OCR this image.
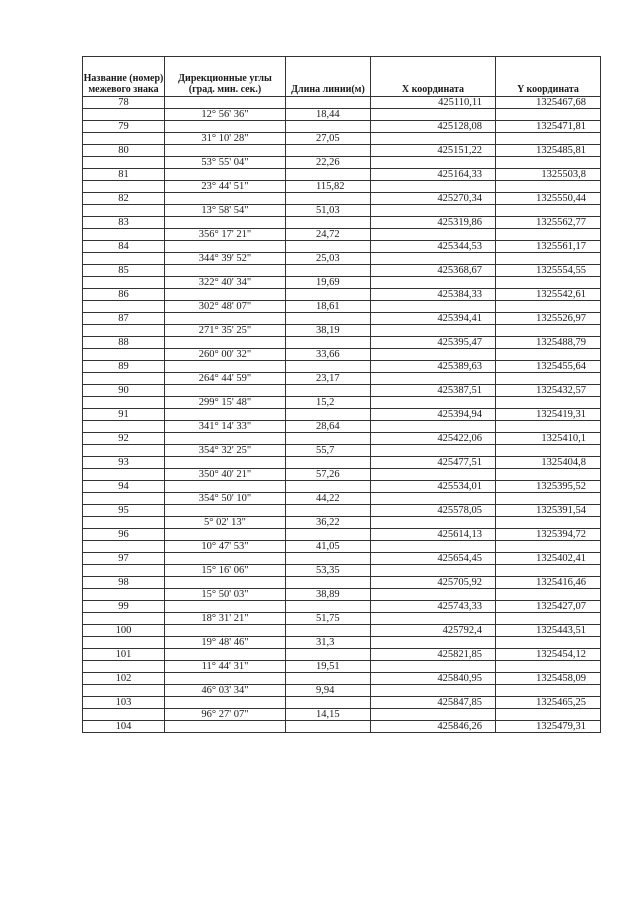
Название (номер) межевого знака	Дирекционные углы (град. мин. сек.)	Длина линии(м)	X координата	Y координата
78			425110,11	1325467,68
	12° 56' 36"	18,44		
79			425128,08	1325471,81
	31° 10' 28"	27,05		
80			425151,22	1325485,81
	53° 55' 04"	22,26		
81			425164,33	1325503,8
	23° 44' 51"	115,82		
82			425270,34	1325550,44
	13° 58' 54"	51,03		
83			425319,86	1325562,77
	356° 17' 21"	24,72		
84			425344,53	1325561,17
	344° 39' 52"	25,03		
85			425368,67	1325554,55
	322° 40' 34"	19,69		
86			425384,33	1325542,61
	302° 48' 07"	18,61		
87			425394,41	1325526,97
	271° 35' 25"	38,19		
88			425395,47	1325488,79
	260° 00' 32"	33,66		
89			425389,63	1325455,64
	264° 44' 59"	23,17		
90			425387,51	1325432,57
	299° 15' 48"	15,2		
91			425394,94	1325419,31
	341° 14' 33"	28,64		
92			425422,06	1325410,1
	354° 32' 25"	55,7		
93			425477,51	1325404,8
	350° 40' 21"	57,26		
94			425534,01	1325395,52
	354° 50' 10"	44,22		
95			425578,05	1325391,54
	5° 02' 13"	36,22		
96			425614,13	1325394,72
	10° 47' 53"	41,05		
97			425654,45	1325402,41
	15° 16' 06"	53,35		
98			425705,92	1325416,46
	15° 50' 03"	38,89		
99			425743,33	1325427,07
	18° 31' 21"	51,75		
100			425792,4	1325443,51
	19° 48' 46"	31,3		
101			425821,85	1325454,12
	11° 44' 31"	19,51		
102			425840,95	1325458,09
	46° 03' 34"	9,94		
103			425847,85	1325465,25
	96° 27' 07"	14,15		
104			425846,26	1325479,31
